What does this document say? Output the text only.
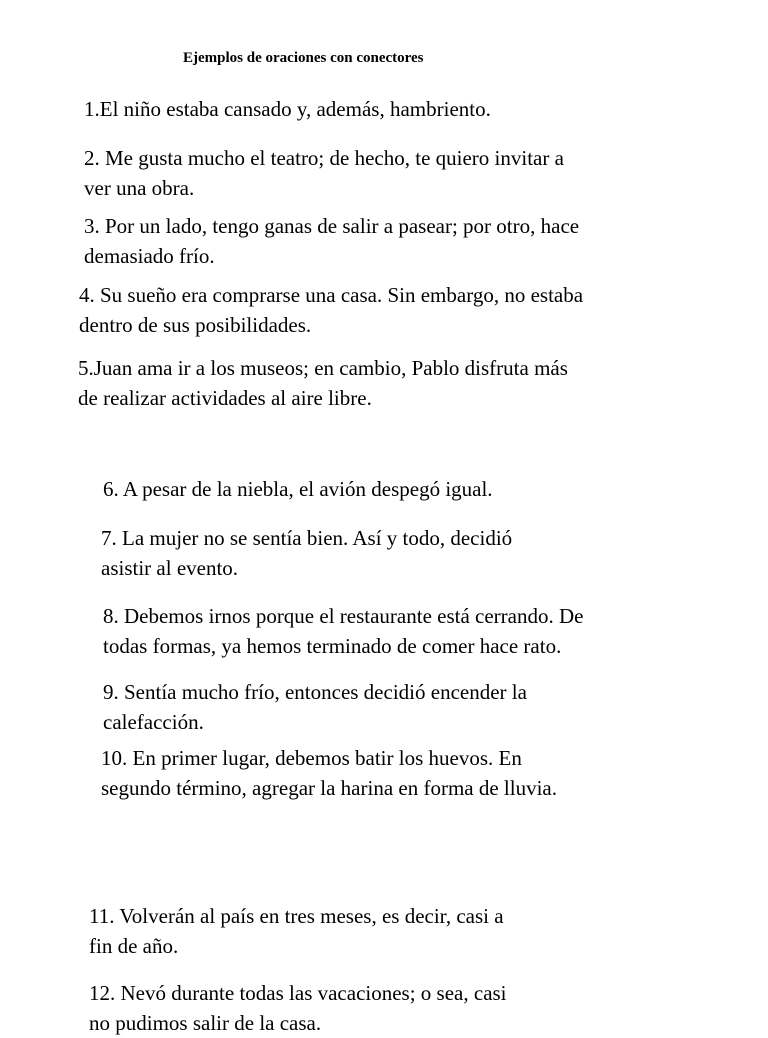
Ejemplos de oraciones con conectores
1.El niño estaba cansado y, además, hambriento.
2. Me gusta mucho el teatro; de hecho, te quiero invitar a
ver una obra.
3. Por un lado, tengo ganas de salir a pasear; por otro, hace
demasiado frío.
4. Su sueño era comprarse una casa. Sin embargo, no estaba
dentro de sus posibilidades.
5.Juan ama ir a los museos; en cambio, Pablo disfruta más
de realizar actividades al aire libre.
6. A pesar de la niebla, el avión despegó igual.
7. La mujer no se sentía bien. Así y todo, decidió
asistir al evento.
8. Debemos irnos porque el restaurante está cerrando. De
todas formas, ya hemos terminado de comer hace rato.
9. Sentía mucho frío, entonces decidió encender la
calefacción.
10. En primer lugar, debemos batir los huevos. En
segundo término, agregar la harina en forma de lluvia.
11. Volverán al país en tres meses, es decir, casi a
fin de año.
12. Nevó durante todas las vacaciones; o sea, casi
no pudimos salir de la casa.
